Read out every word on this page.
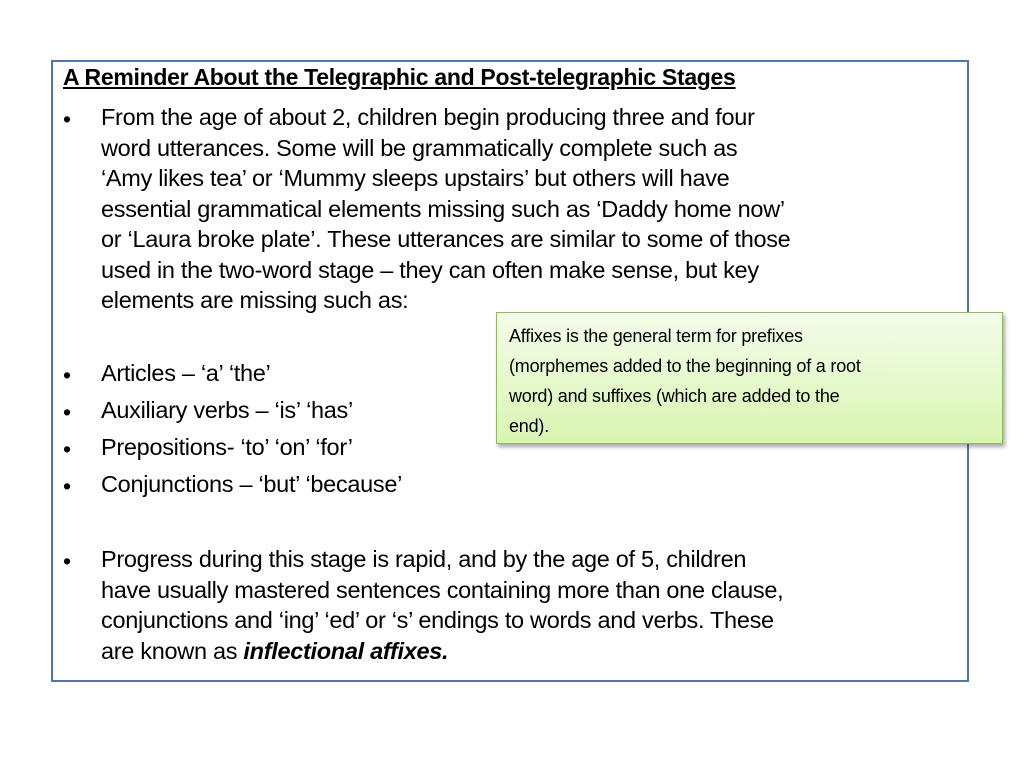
A Reminder About the Telegraphic and Post-telegraphic Stages
• From the age of about 2, children begin producing three and four
word utterances. Some will be grammatically complete such as
‘Amy likes tea’ or ‘Mummy sleeps upstairs’ but others will have
essential grammatical elements missing such as ‘Daddy home now’
or ‘Laura broke plate’. These utterances are similar to some of those
used in the two-word stage – they can often make sense, but key
elements are missing such as:
• Articles – ‘a’ ‘the’
• Auxiliary verbs – ‘is’ ‘has’
• Prepositions- ‘to’ ‘on’ ‘for’
• Conjunctions – ‘but’ ‘because’
• Progress during this stage is rapid, and by the age of 5, children
have usually mastered sentences containing more than one clause,
conjunctions and ‘ing’ ‘ed’ or ‘s’ endings to words and verbs. These
are known as inflectional affixes.
Affixes is the general term for prefixes
(morphemes added to the beginning of a root
word) and suffixes (which are added to the
end).
